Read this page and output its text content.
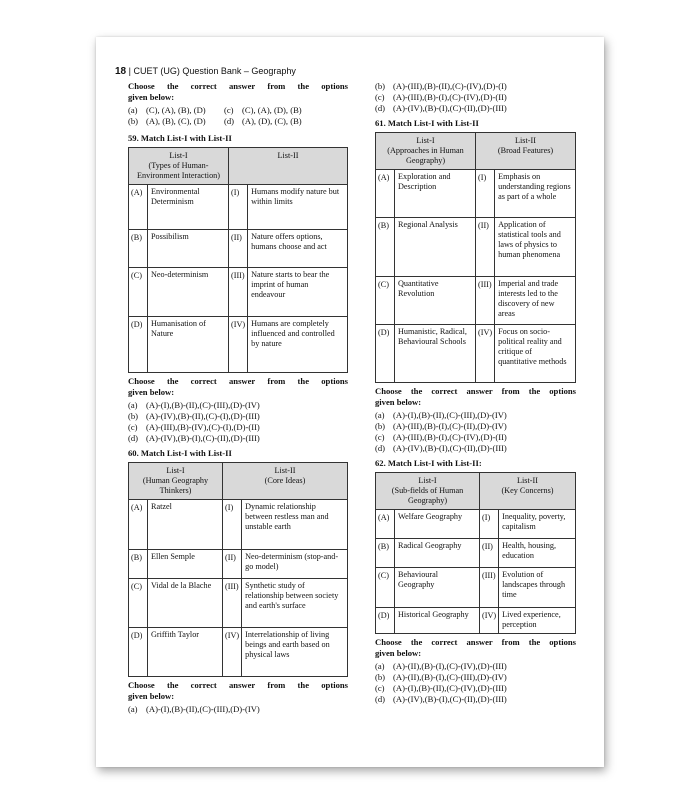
18 | CUET (UG) Question Bank – Geography
Choose the correct answer from the options
given below:
(a) (C), (A), (B), (D)	(c) (C), (A), (D), (B)
(b) (A), (B), (C), (D)	(d) (A), (D), (C), (B)
59. Match List-I with List-II
List-I
(Types of Human-Environment Interaction)		List-II	
(A)	Environmental Determinism	(I)	Humans modify nature but within limits
(B)	Possibilism	(II)	Nature offers options, humans choose and act
(C)	Neo-determinism	(III)	Nature starts to bear the imprint of human endeavour
(D)	Humanisation of Nature	(IV)	Humans are completely influenced and controlled by nature
Choose the correct answer from the options
given below:
(a) (A)-(I),(B)-(II),(C)-(III),(D)-(IV)
(b) (A)-(IV),(B)-(II),(C)-(I),(D)-(III)
(c) (A)-(III),(B)-(IV),(C)-(I),(D)-(II)
(d) (A)-(IV),(B)-(I),(C)-(II),(D)-(III)
60. Match List-I with List-II
List-I
(Human Geography Thinkers)		List-II
(Core Ideas)	
(A)	Ratzel	(I)	Dynamic relationship between restless man and unstable earth
(B)	Ellen Semple	(II)	Neo-determinism (stop-and-go model)
(C)	Vidal de la Blache	(III)	Synthetic study of relationship between society and earth's surface
(D)	Griffith Taylor	(IV)	Interrelationship of living beings and earth based on physical laws
Choose the correct answer from the options
given below:
(a) (A)-(I),(B)-(II),(C)-(III),(D)-(IV)
(b) (A)-(III),(B)-(II),(C)-(IV),(D)-(I)
(c) (A)-(III),(B)-(I),(C)-(IV),(D)-(II)
(d) (A)-(IV),(B)-(I),(C)-(II),(D)-(III)
61. Match List-I with List-II
List-I
(Approaches in Human Geography)		List-II
(Broad Features)	
(A)	Exploration and Description	(I)	Emphasis on understanding regions as part of a whole
(B)	Regional Analysis	(II)	Application of statistical tools and laws of physics to human phenomena
(C)	Quantitative Revolution	(III)	Imperial and trade interests led to the discovery of new areas
(D)	Humanistic, Radical, Behavioural Schools	(IV)	Focus on socio-political reality and critique of quantitative methods
Choose the correct answer from the options
given below:
(a) (A)-(I),(B)-(II),(C)-(III),(D)-(IV)
(b) (A)-(III),(B)-(I),(C)-(II),(D)-(IV)
(c) (A)-(III),(B)-(I),(C)-(IV),(D)-(II)
(d) (A)-(IV),(B)-(I),(C)-(II),(D)-(III)
62. Match List-I with List-II:
List-I
(Sub-fields of Human Geography)		List-II
(Key Concerns)	
(A)	Welfare Geography	(I)	Inequality, poverty, capitalism
(B)	Radical Geography	(II)	Health, housing, education
(C)	Behavioural Geography	(III)	Evolution of landscapes through time
(D)	Historical Geography	(IV)	Lived experience, perception
Choose the correct answer from the options
given below:
(a) (A)-(II),(B)-(I),(C)-(IV),(D)-(III)
(b) (A)-(II),(B)-(I),(C)-(III),(D)-(IV)
(c) (A)-(I),(B)-(II),(C)-(IV),(D)-(III)
(d) (A)-(IV),(B)-(I),(C)-(II),(D)-(III)
